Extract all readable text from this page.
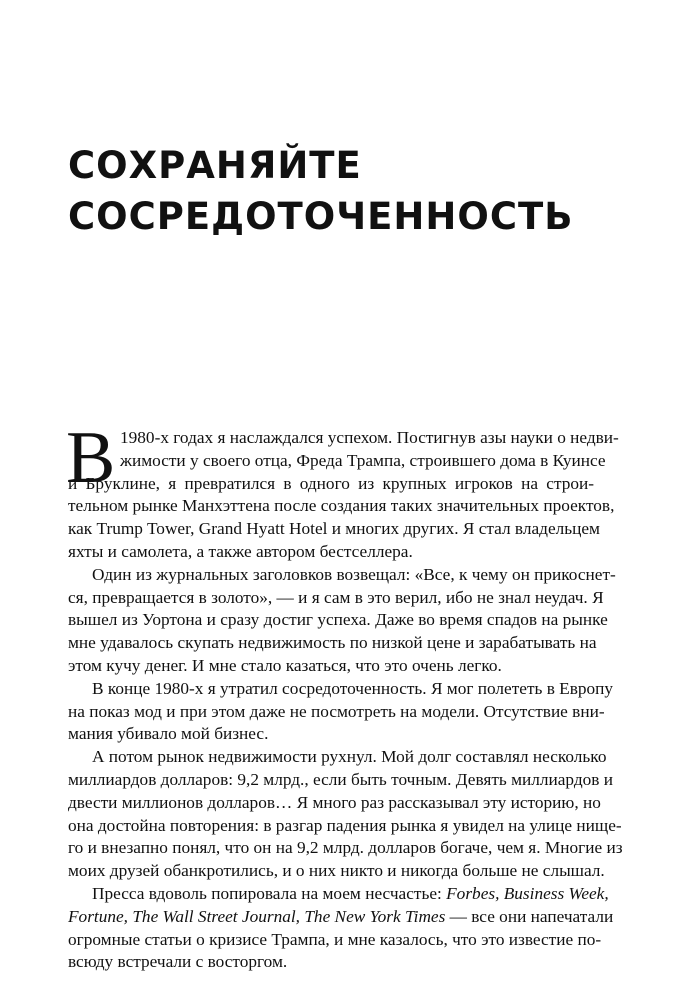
СОХРАНЯЙТЕ
СОСРЕДОТОЧЕННОСТЬ
В 1980-х годах я наслаждался успехом. Постигнув азы науки о недви-
жимости у своего отца, Фреда Трампа, строившего дома в Куинсе
и Бруклине, я превратился в одного из крупных игроков на строи-
тельном рынке Манхэттена после создания таких значительных проектов,
как Trump Tower, Grand Hyatt Hotel и многих других. Я стал владельцем
яхты и самолета, а также автором бестселлера.
Один из журнальных заголовков возвещал: «Все, к чему он прикоснет-
ся, превращается в золото», — и я сам в это верил, ибо не знал неудач. Я
вышел из Уортона и сразу достиг успеха. Даже во время спадов на рынке
мне удавалось скупать недвижимость по низкой цене и зарабатывать на
этом кучу денег. И мне стало казаться, что это очень легко.
В конце 1980-х я утратил сосредоточенность. Я мог полететь в Европу
на показ мод и при этом даже не посмотреть на модели. Отсутствие вни-
мания убивало мой бизнес.
А потом рынок недвижимости рухнул. Мой долг составлял несколько
миллиардов долларов: 9,2 млрд., если быть точным. Девять миллиардов и
двести миллионов долларов… Я много раз рассказывал эту историю, но
она достойна повторения: в разгар падения рынка я увидел на улице нище-
го и внезапно понял, что он на 9,2 млрд. долларов богаче, чем я. Многие из
моих друзей обанкротились, и о них никто и никогда больше не слышал.
Пресса вдоволь попировала на моем несчастье: Forbes, Business Week,
Fortune, The Wall Street Journal, The New York Times — все они напечатали
огромные статьи о кризисе Трампа, и мне казалось, что это известие по-
всюду встречали с восторгом.
